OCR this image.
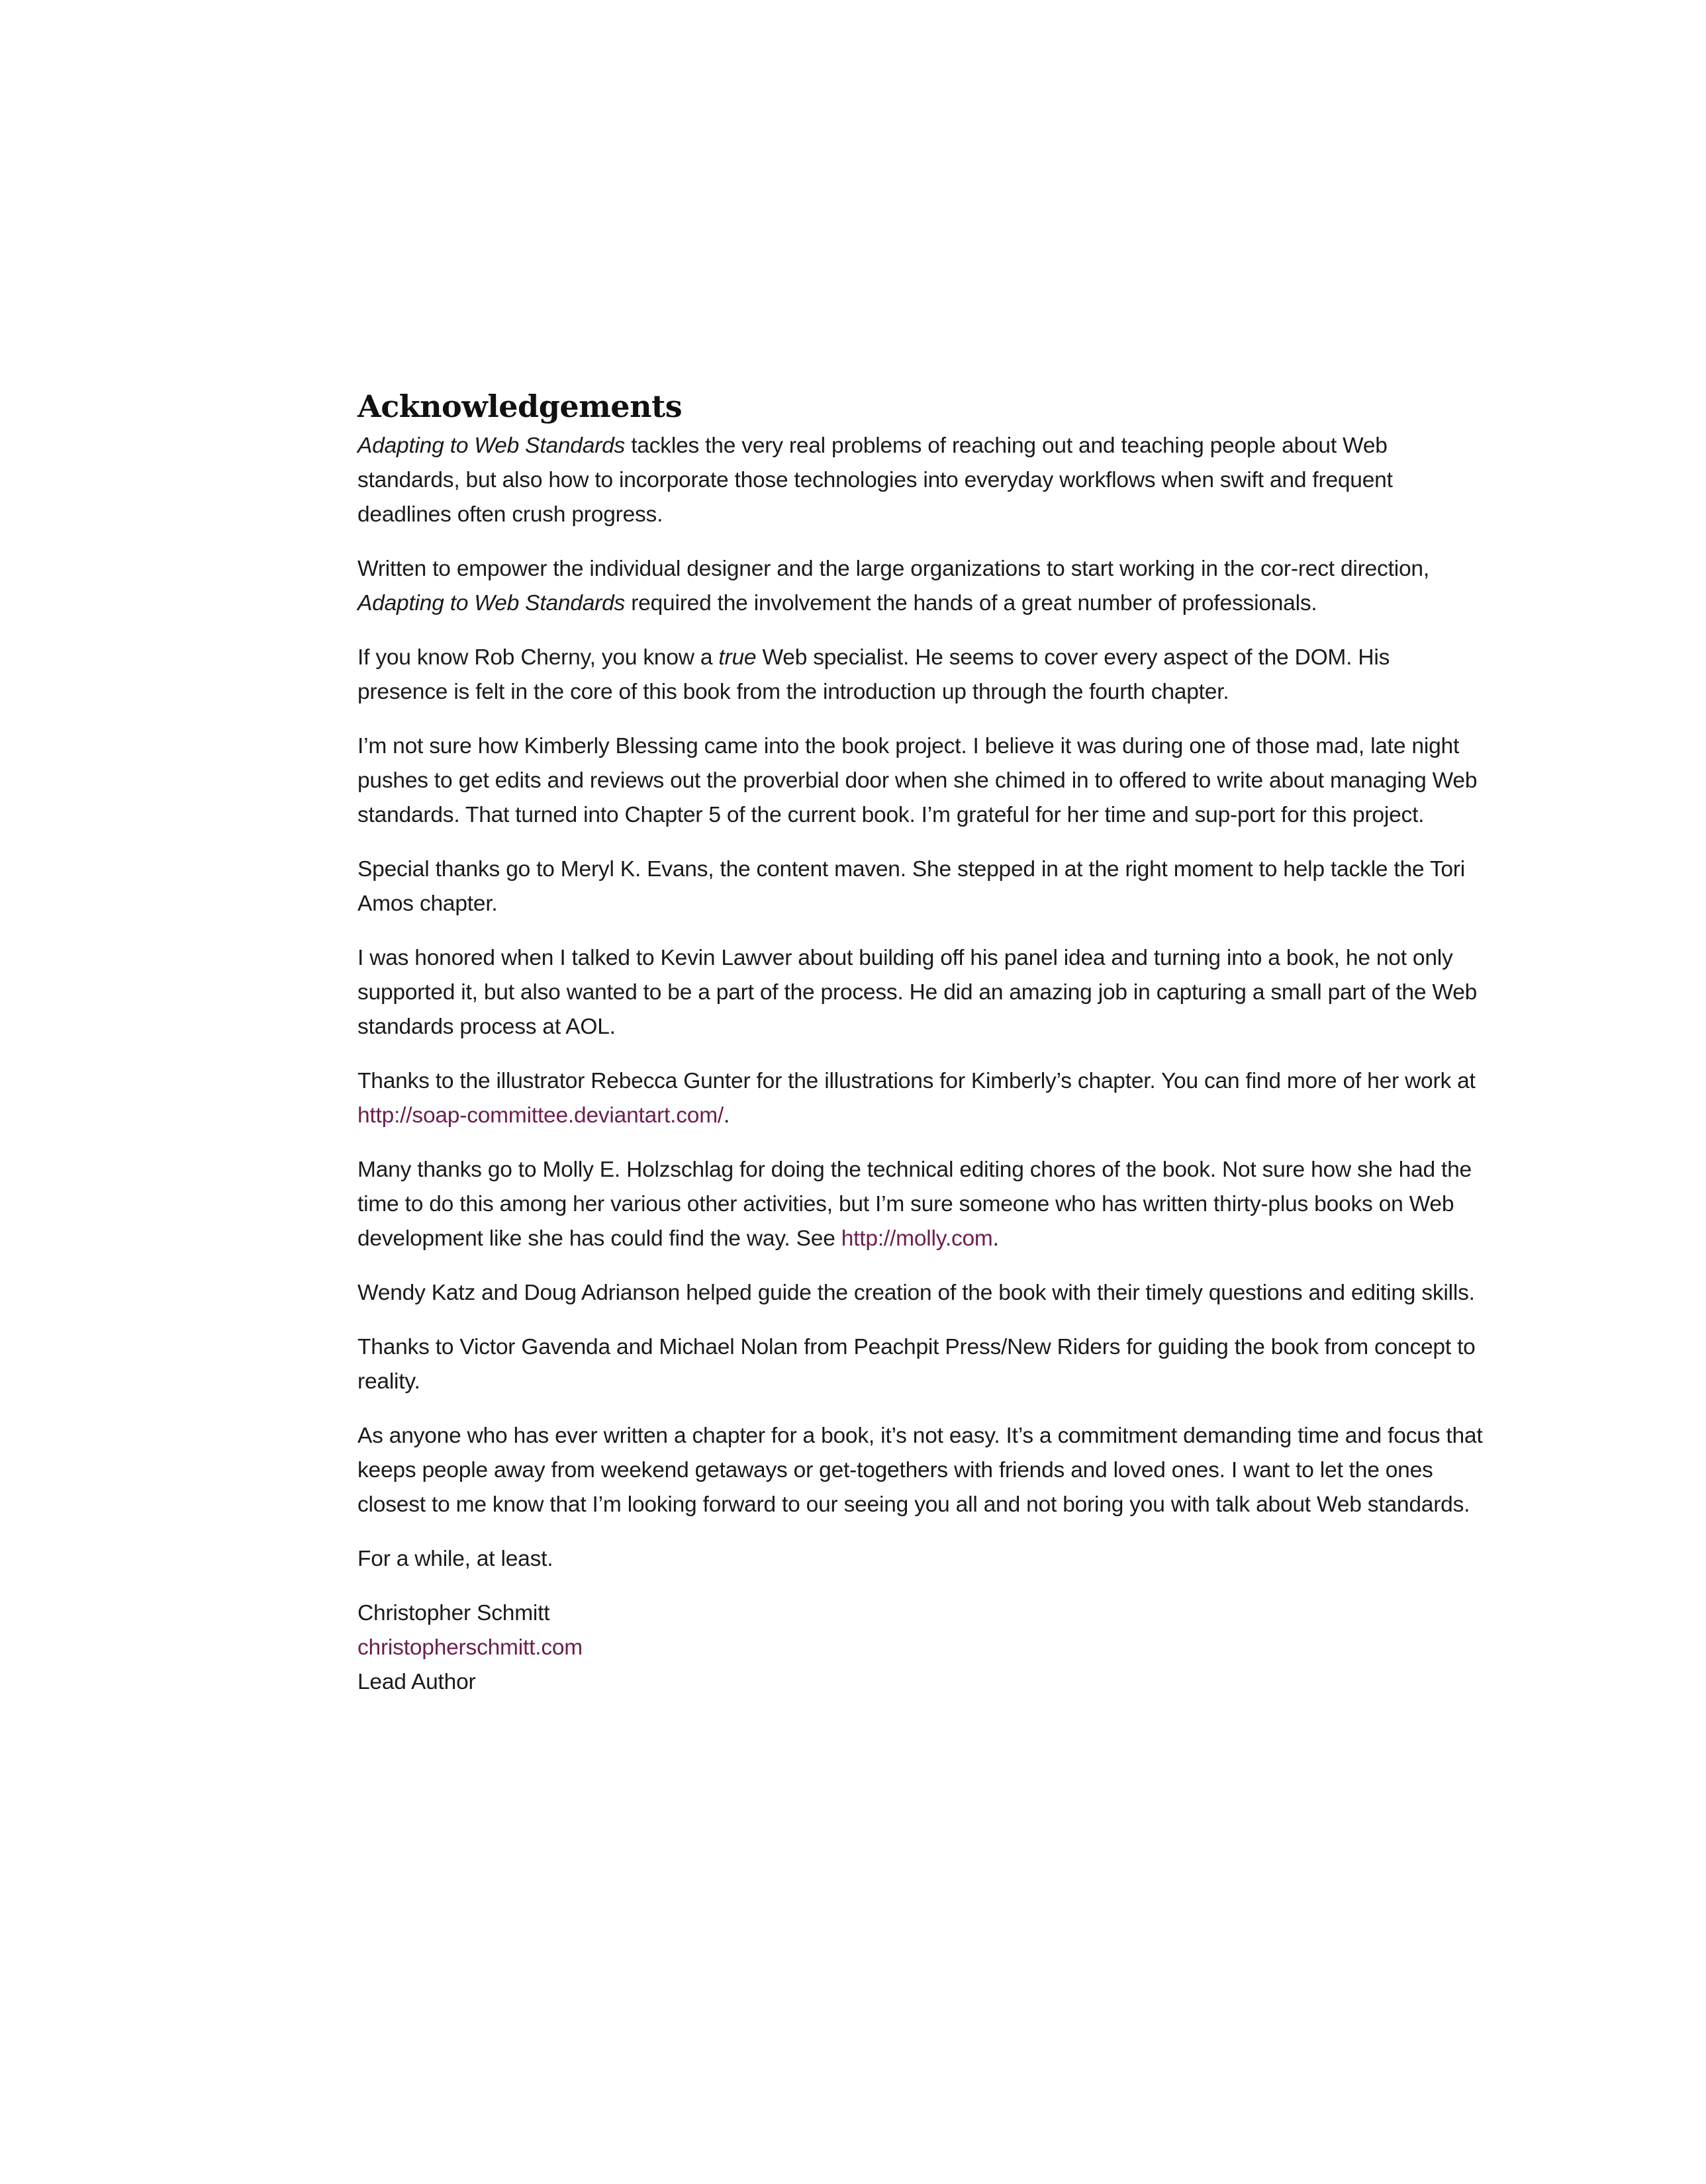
Acknowledgements

Adapting to Web Standards tackles the very real problems of reaching out and teaching people about Web standards, but also how to incorporate those technologies into everyday workflows when swift and frequent deadlines often crush progress.

Written to empower the individual designer and the large organizations to start working in the cor-rect direction, Adapting to Web Standards required the involvement the hands of a great number of professionals.

If you know Rob Cherny, you know a true Web specialist. He seems to cover every aspect of the DOM. His presence is felt in the core of this book from the introduction up through the fourth chapter.

I’m not sure how Kimberly Blessing came into the book project. I believe it was during one of those mad, late night pushes to get edits and reviews out the proverbial door when she chimed in to offered to write about managing Web standards. That turned into Chapter 5 of the current book. I’m grateful for her time and sup-port for this project.

Special thanks go to Meryl K. Evans, the content maven. She stepped in at the right moment to help tackle the Tori Amos chapter.

I was honored when I talked to Kevin Lawver about building off his panel idea and turning into a book, he not only supported it, but also wanted to be a part of the process. He did an amazing job in capturing a small part of the Web standards process at AOL.

Thanks to the illustrator Rebecca Gunter for the illustrations for Kimberly’s chapter. You can find more of her work at http://soap-committee.deviantart.com/.

Many thanks go to Molly E. Holzschlag for doing the technical editing chores of the book. Not sure how she had the time to do this among her various other activities, but I’m sure someone who has written thirty-plus books on Web development like she has could find the way. See http://molly.com.

Wendy Katz and Doug Adrianson helped guide the creation of the book with their timely questions and editing skills.

Thanks to Victor Gavenda and Michael Nolan from Peachpit Press/New Riders for guiding the book from concept to reality.

As anyone who has ever written a chapter for a book, it’s not easy. It’s a commitment demanding time and focus that keeps people away from weekend getaways or get-togethers with friends and loved ones. I want to let the ones closest to me know that I’m looking forward to our seeing you all and not boring you with talk about Web standards.

For a while, at least.

Christopher Schmitt
christopherschmitt.com
Lead Author
